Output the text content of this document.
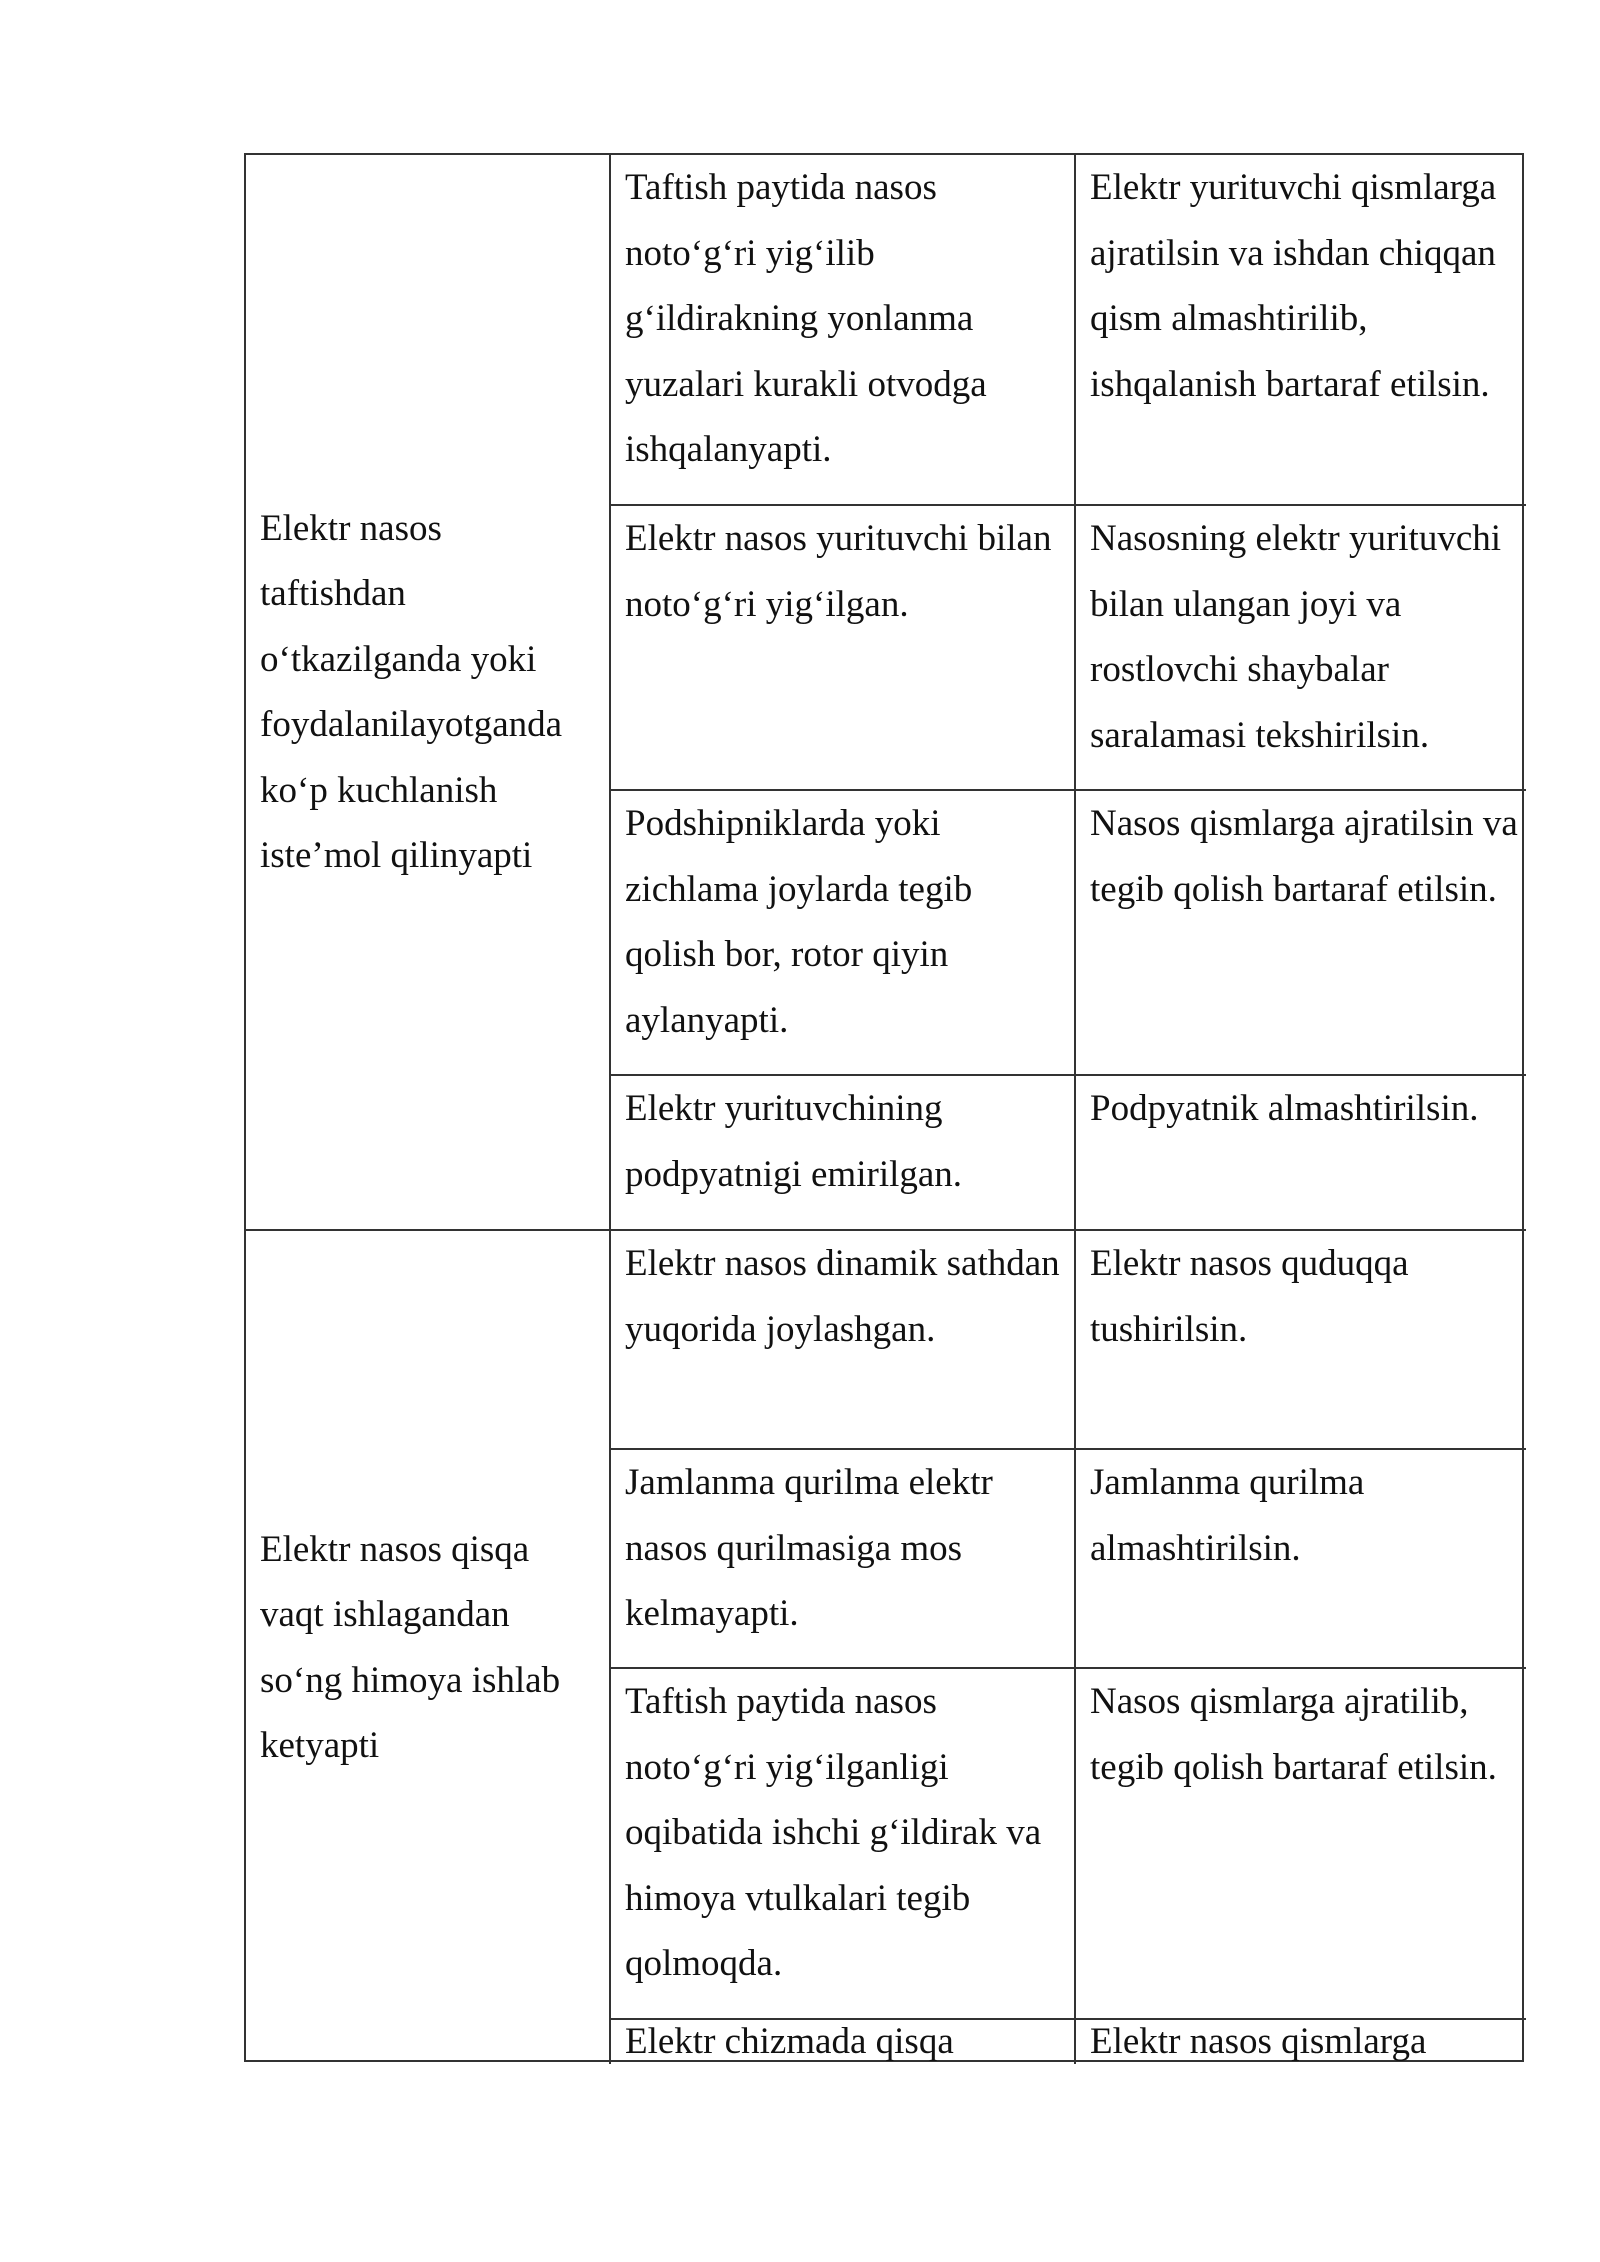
Elektr nasos taftishdan o‘tkazilganda yoki foydalanilayotganda ko‘p kuchlanish iste’mol qilinyapti
Taftish paytida nasos noto‘g‘ri yig‘ilib g‘ildirakning yonlanma yuzalari kurakli otvodga ishqalanyapti.
Elektr yurituvchi qismlarga ajratilsin va ishdan chiqqan qism almashtirilib, ishqalanish bartaraf etilsin.
Elektr nasos yurituvchi bilan noto‘g‘ri yig‘ilgan.
Nasosning elektr yurituvchi bilan ulangan joyi va rostlovchi shaybalar saralamasi tekshirilsin.
Podshipniklarda yoki zichlama joylarda tegib qolish bor, rotor qiyin aylanyapti.
Nasos qismlarga ajratilsin va tegib qolish bartaraf etilsin.
Elektr yurituvchining podpyatnigi emirilgan.
Podpyatnik almashtirilsin.
Elektr nasos qisqa vaqt ishlagandan so‘ng himoya ishlab ketyapti
Elektr nasos dinamik sathdan yuqorida joylashgan.
Elektr nasos quduqqa tushirilsin.
Jamlanma qurilma elektr nasos qurilmasiga mos kelmayapti.
Jamlanma qurilma almashtirilsin.
Taftish paytida nasos noto‘g‘ri yig‘ilganligi oqibatida ishchi g‘ildirak va himoya vtulkalari tegib qolmoqda.
Nasos qismlarga ajratilib, tegib qolish bartaraf etilsin.
Elektr chizmada qisqa	Elektr nasos qismlarga
